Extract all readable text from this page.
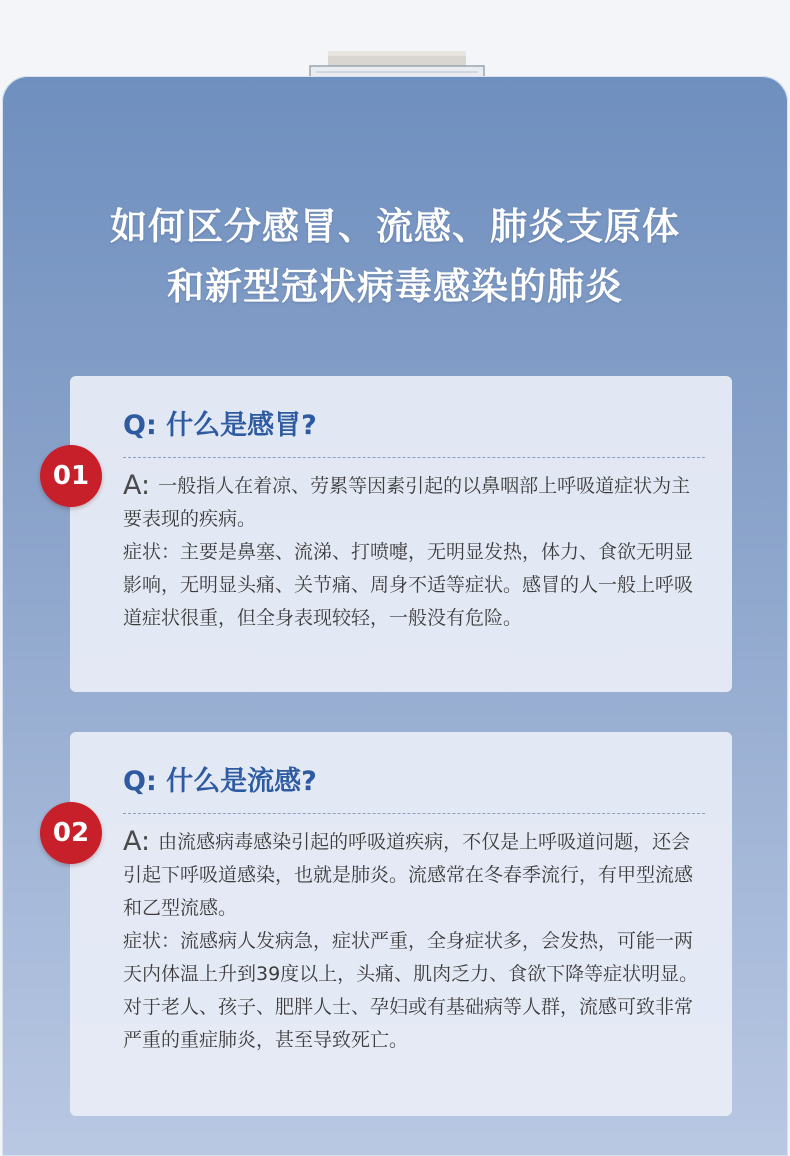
如何区分感冒、流感、肺炎支原体
和新型冠状病毒感染的肺炎
Q: 什么是感冒?

A: 一般指人在着凉、劳累等因素引起的以鼻咽部上呼吸道症状为主要表现的疾病。

症状：主要是鼻塞、流涕、打喷嚏，无明显发热，体力、食欲无明显影响，无明显头痛、关节痛、周身不适等症状。感冒的人一般上呼吸道症状很重，但全身表现较轻，一般没有危险。

01
Q: 什么是流感?

A: 由流感病毒感染引起的呼吸道疾病，不仅是上呼吸道问题，还会引起下呼吸道感染，也就是肺炎。流感常在冬春季流行，有甲型流感和乙型流感。

症状：流感病人发病急，症状严重，全身症状多，会发热，可能一两天内体温上升到39度以上，头痛、肌肉乏力、食欲下降等症状明显。

对于老人、孩子、肥胖人士、孕妇或有基础病等人群，流感可致非常严重的重症肺炎，甚至导致死亡。

02
